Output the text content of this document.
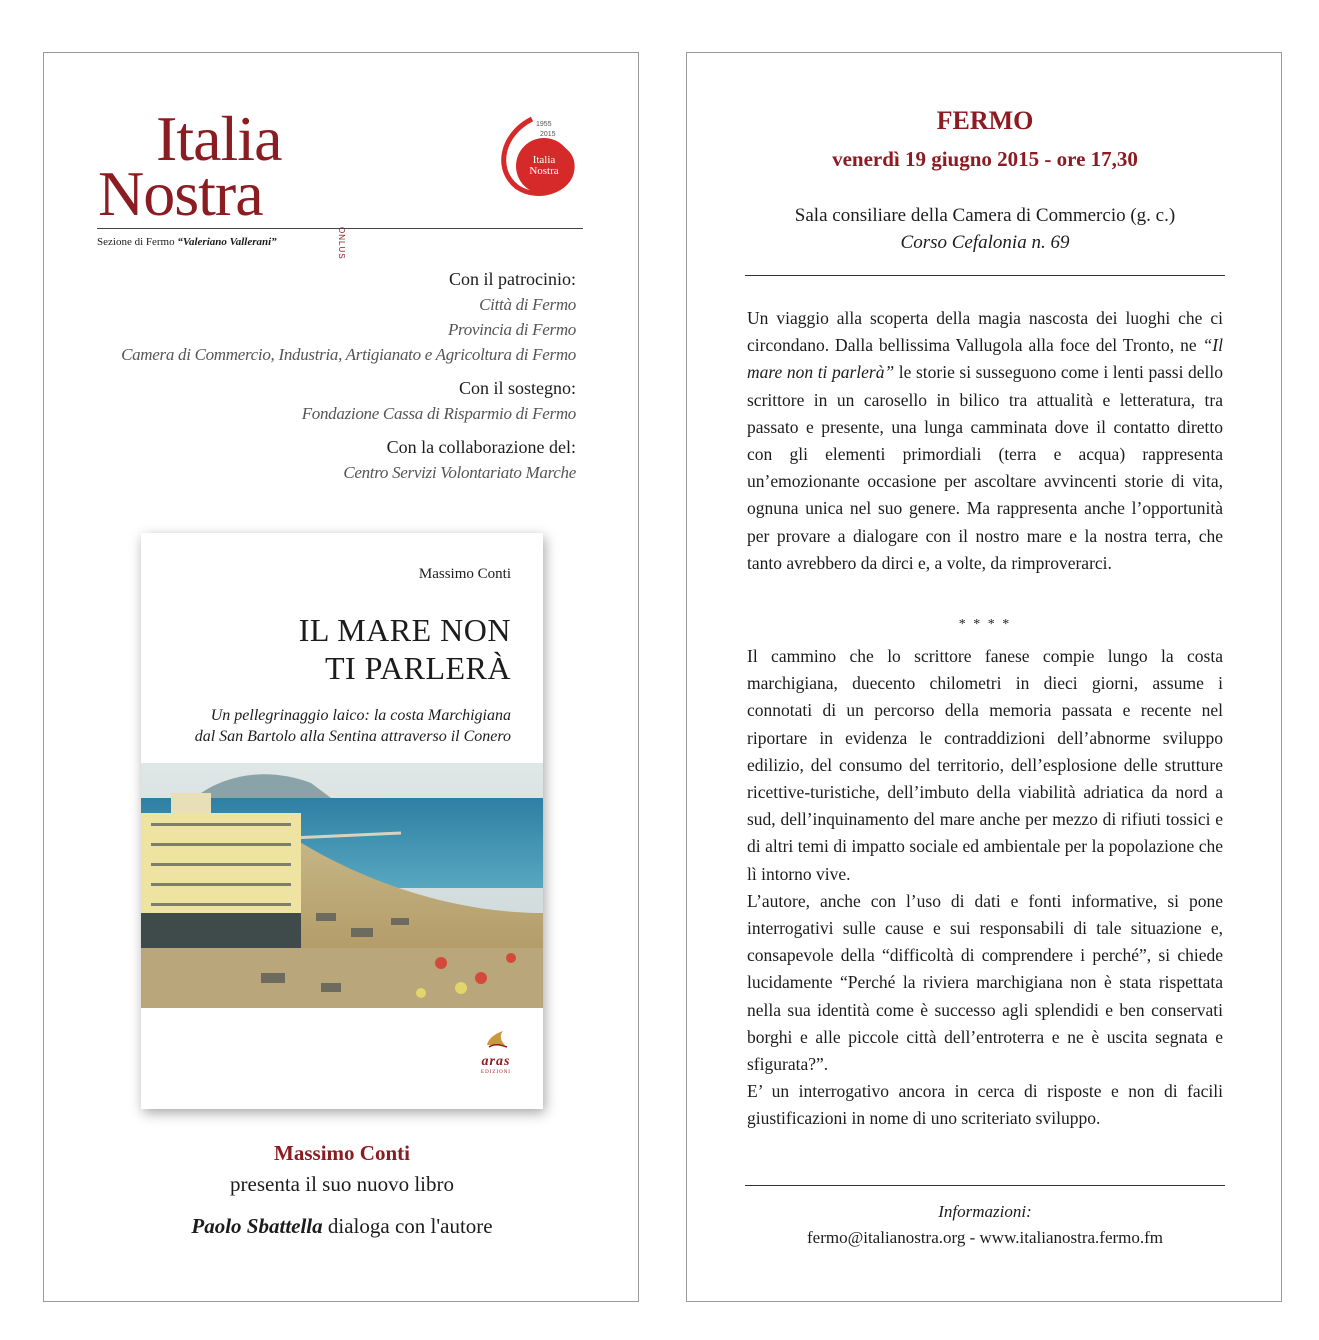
Italia
Nostra
ONLUS
1955
2015
Italia
Nostra
Sezione di Fermo “Valeriano Vallerani”
Con il patrocinio:
Città di Fermo
Provincia di Fermo
Camera di Commercio, Industria, Artigianato e Agricoltura di Fermo
Con il sostegno:
Fondazione Cassa di Risparmio di Fermo
Con la collaborazione del:
Centro Servizi Volontariato Marche
Massimo Conti
IL MARE NON
TI PARLERÀ
Un pellegrinaggio laico: la costa Marchigiana
dal San Bartolo alla Sentina attraverso il Conero
aras
EDIZIONI
Massimo Conti
presenta il suo nuovo libro
Paolo Sbattella dialoga con l'autore
FERMO
venerdì 19 giugno 2015 - ore 17,30
Sala consiliare della Camera di Commercio (g. c.)
Corso Cefalonia n. 69
Un viaggio alla scoperta della magia nascosta dei luoghi che ci circondano. Dalla bellissima Vallugola alla foce del Tronto, ne “Il mare non ti parlerà” le storie si susseguono come i lenti passi dello scrittore in un carosello in bilico tra attualità e letteratura, tra passato e presente, una lunga camminata dove il contatto diretto con gli elementi primordiali (terra e acqua) rappresenta un’emozionante occasione per ascoltare avvincenti storie di vita, ognuna unica nel suo genere. Ma rappresenta anche l’opportunità per provare a dialogare con il nostro mare e la nostra terra, che tanto avrebbero da dirci e, a volte, da rimproverarci.
* * * *
Il cammino che lo scrittore fanese compie lungo la costa marchigiana, duecento chilometri in dieci giorni, assume i connotati di un percorso della memoria passata e recente nel riportare in evidenza le contraddizioni dell’abnorme sviluppo edilizio, del consumo del territorio, dell’esplosione delle strutture ricettive-turistiche, dell’imbuto della viabilità adriatica da nord a sud, dell’inquinamento del mare anche per mezzo di rifiuti tossici e di altri temi di impatto sociale ed ambientale per la popolazione che lì intorno vive.
L’autore, anche con l’uso di dati e fonti informative, si pone interrogativi sulle cause e sui responsabili di tale situazione e, consapevole della “difficoltà di comprendere i perché”, si chiede lucidamente “Perché la riviera marchigiana non è stata rispettata nella sua identità come è successo agli splendidi e ben conservati borghi e alle piccole città dell’entroterra e ne è uscita segnata e sfigurata?”.
E’ un interrogativo ancora in cerca di risposte e non di facili giustificazioni in nome di uno scriteriato sviluppo.
Informazioni:
fermo@italianostra.org - www.italianostra.fermo.fm
